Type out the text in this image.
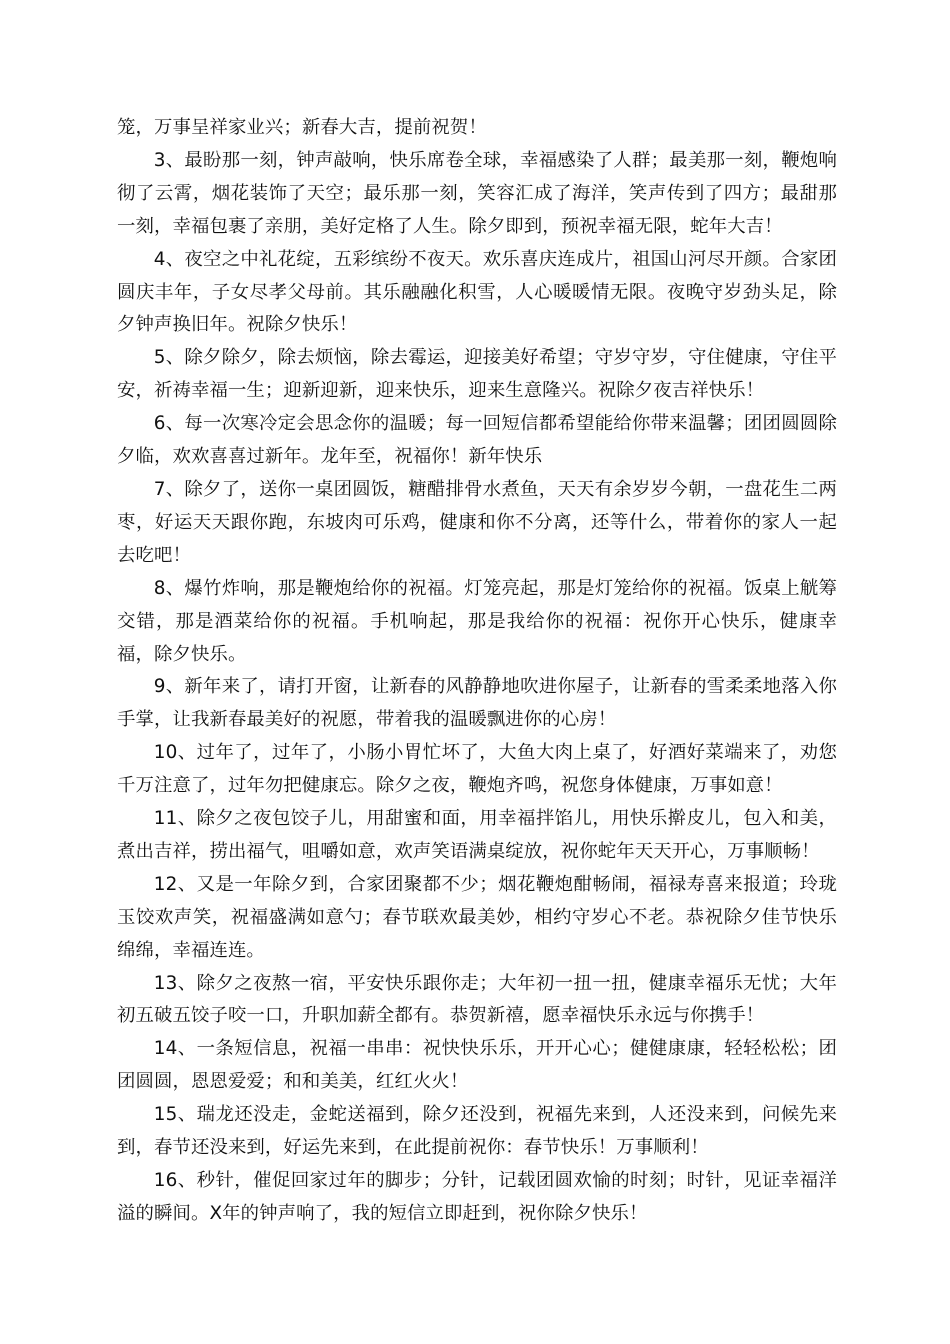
笼，万事呈祥家业兴；新春大吉，提前祝贺！

3、最盼那一刻，钟声敲响，快乐席卷全球，幸福感染了人群；最美那一刻，鞭炮响彻了云霄，烟花装饰了天空；最乐那一刻，笑容汇成了海洋，笑声传到了四方；最甜那一刻，幸福包裹了亲朋，美好定格了人生。除夕即到，预祝幸福无限，蛇年大吉！

4、夜空之中礼花绽，五彩缤纷不夜天。欢乐喜庆连成片，祖国山河尽开颜。合家团圆庆丰年，子女尽孝父母前。其乐融融化积雪，人心暖暖情无限。夜晚守岁劲头足，除夕钟声换旧年。祝除夕快乐！

5、除夕除夕，除去烦恼，除去霉运，迎接美好希望；守岁守岁，守住健康，守住平安，祈祷幸福一生；迎新迎新，迎来快乐，迎来生意隆兴。祝除夕夜吉祥快乐！

6、每一次寒冷定会思念你的温暖；每一回短信都希望能给你带来温馨；团团圆圆除夕临，欢欢喜喜过新年。龙年至，祝福你！新年快乐

7、除夕了，送你一桌团圆饭，糖醋排骨水煮鱼，天天有余岁岁今朝，一盘花生二两枣，好运天天跟你跑，东坡肉可乐鸡，健康和你不分离，还等什么，带着你的家人一起去吃吧！

8、爆竹炸响，那是鞭炮给你的祝福。灯笼亮起，那是灯笼给你的祝福。饭桌上觥筹交错，那是酒菜给你的祝福。手机响起，那是我给你的祝福：祝你开心快乐，健康幸福，除夕快乐。

9、新年来了，请打开窗，让新春的风静静地吹进你屋子，让新春的雪柔柔地落入你手掌，让我新春最美好的祝愿，带着我的温暖飘进你的心房！

10、过年了，过年了，小肠小胃忙坏了，大鱼大肉上桌了，好酒好菜端来了，劝您千万注意了，过年勿把健康忘。除夕之夜，鞭炮齐鸣，祝您身体健康，万事如意！

11、除夕之夜包饺子儿，用甜蜜和面，用幸福拌馅儿，用快乐擀皮儿，包入和美，煮出吉祥，捞出福气，咀嚼如意，欢声笑语满桌绽放，祝你蛇年天天开心，万事顺畅！

12、又是一年除夕到，合家团聚都不少；烟花鞭炮酣畅闹，福禄寿喜来报道；玲珑玉饺欢声笑，祝福盛满如意勺；春节联欢最美妙，相约守岁心不老。恭祝除夕佳节快乐绵绵，幸福连连。

13、除夕之夜熬一宿，平安快乐跟你走；大年初一扭一扭，健康幸福乐无忧；大年初五破五饺子咬一口，升职加薪全都有。恭贺新禧，愿幸福快乐永远与你携手！

14、一条短信息，祝福一串串：祝快快乐乐，开开心心；健健康康，轻轻松松；团团圆圆，恩恩爱爱；和和美美，红红火火！

15、瑞龙还没走，金蛇送福到，除夕还没到，祝福先来到，人还没来到，问候先来到，春节还没来到，好运先来到，在此提前祝你：春节快乐！万事顺利！

16、秒针，催促回家过年的脚步；分针，记载团圆欢愉的时刻；时针，见证幸福洋溢的瞬间。X年的钟声响了，我的短信立即赶到，祝你除夕快乐！
